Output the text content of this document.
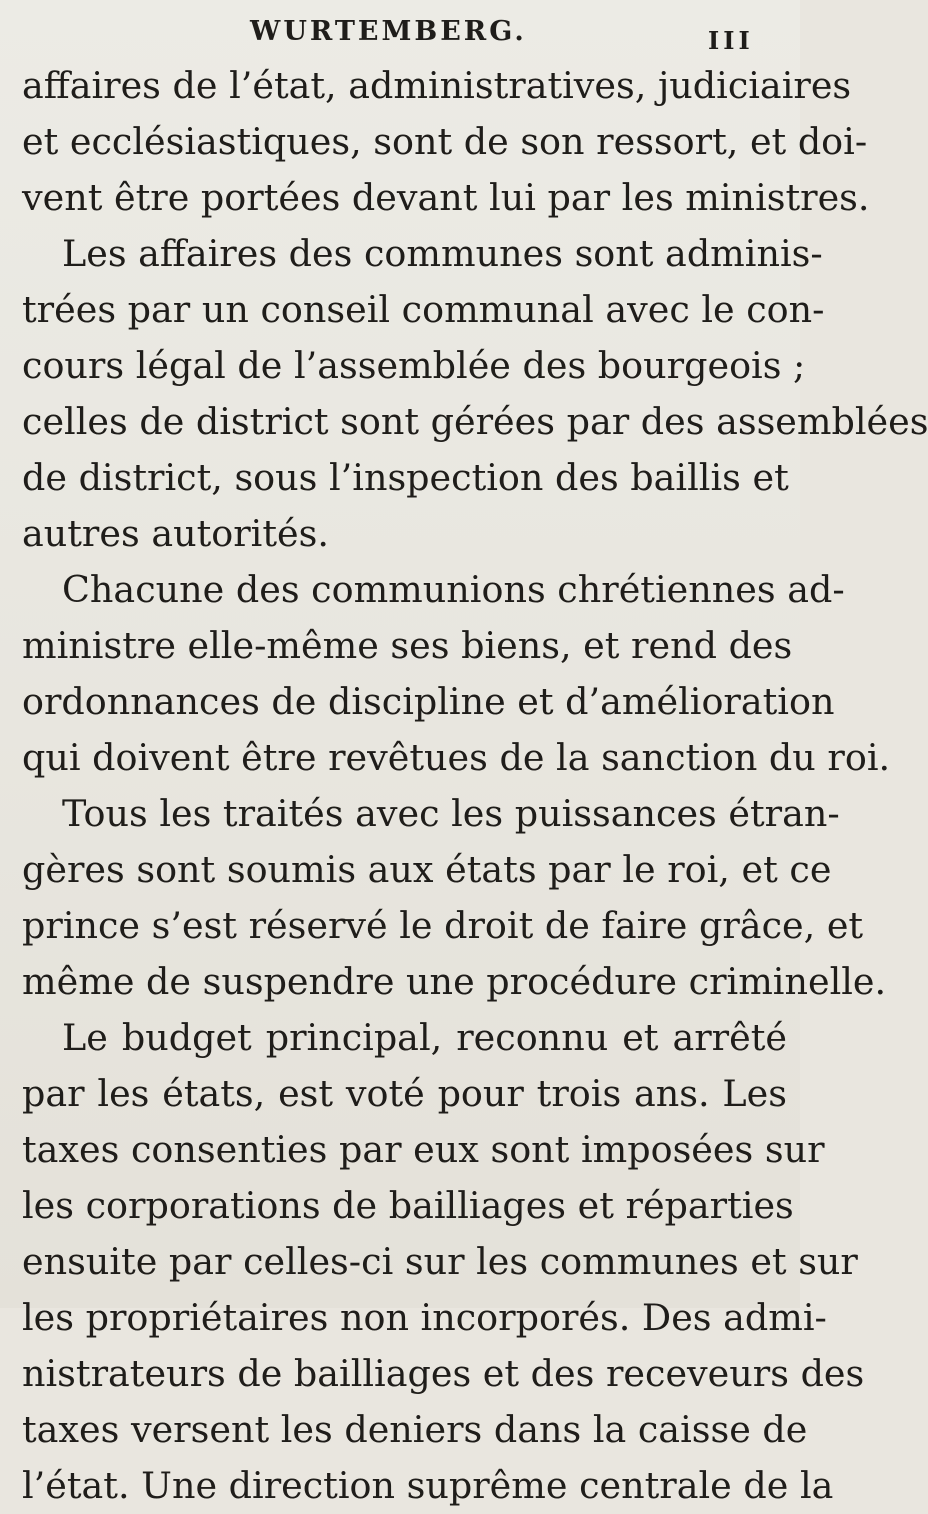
WURTEMBERG.	III
affaires de l’état, administratives, judiciaires
et ecclésiastiques, sont de son ressort, et doi-
vent être portées devant lui par les ministres.
Les affaires des communes sont adminis-
trées par un conseil communal avec le con-
cours légal de l’assemblée des bourgeois ;
celles de district sont gérées par des assemblées
de district, sous l’inspection des baillis et
autres autorités.
Chacune des communions chrétiennes ad-
ministre elle-même ses biens, et rend des
ordonnances de discipline et d’amélioration
qui doivent être revêtues de la sanction du roi.
Tous les traités avec les puissances étran-
gères sont soumis aux états par le roi, et ce
prince s’est réservé le droit de faire grâce, et
même de suspendre une procédure criminelle.
Le budget principal, reconnu et arrêté
par les états, est voté pour trois ans. Les
taxes consenties par eux sont imposées sur
les corporations de bailliages et réparties
ensuite par celles-ci sur les communes et sur
les propriétaires non incorporés. Des admi-
nistrateurs de bailliages et des receveurs des
taxes versent les deniers dans la caisse de
l’état. Une direction suprême centrale de la
